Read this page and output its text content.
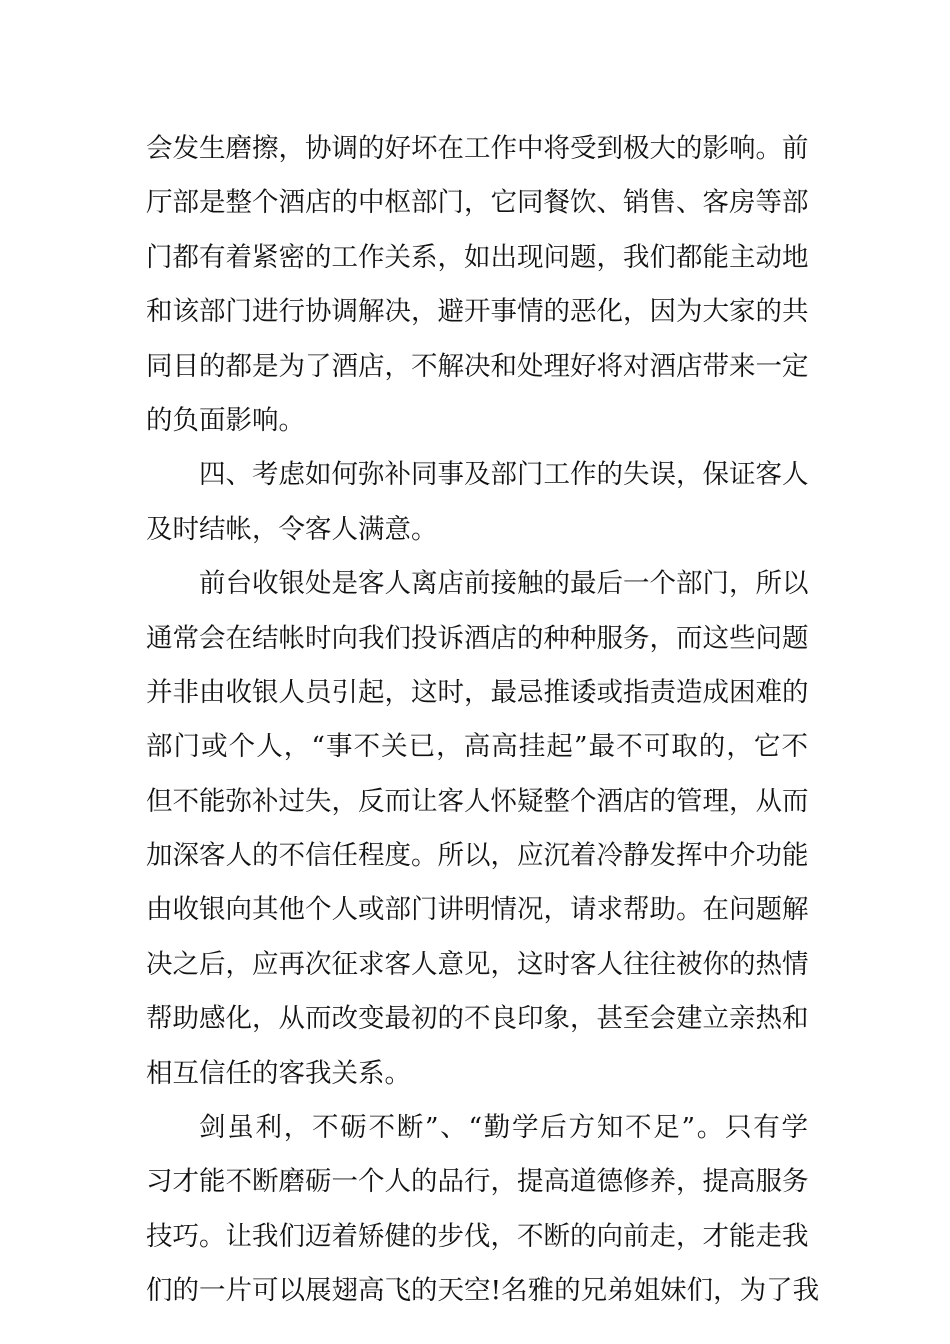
会发生磨擦，协调的好坏在工作中将受到极大的影响。前
厅部是整个酒店的中枢部门，它同餐饮、销售、客房等部
门都有着紧密的工作关系，如出现问题，我们都能主动地
和该部门进行协调解决，避开事情的恶化，因为大家的共
同目的都是为了酒店，不解决和处理好将对酒店带来一定
的负面影响。
四、考虑如何弥补同事及部门工作的失误，保证客人
及时结帐，令客人满意。
前台收银处是客人离店前接触的最后一个部门，所以
通常会在结帐时向我们投诉酒店的种种服务，而这些问题
并非由收银人员引起，这时，最忌推诿或指责造成困难的
部门或个人，“事不关已，高高挂起”最不可取的，它不
但不能弥补过失，反而让客人怀疑整个酒店的管理，从而
加深客人的不信任程度。所以，应沉着冷静发挥中介功能
由收银向其他个人或部门讲明情况，请求帮助。在问题解
决之后，应再次征求客人意见，这时客人往往被你的热情
帮助感化，从而改变最初的不良印象，甚至会建立亲热和
相互信任的客我关系。
剑虽利，不砺不断”、“勤学后方知不足”。只有学
习才能不断磨砺一个人的品行，提高道德修养，提高服务
技巧。让我们迈着矫健的步伐，不断的向前走，才能走我
们的一片可以展翅高飞的天空!名雅的兄弟姐妹们，为了我
